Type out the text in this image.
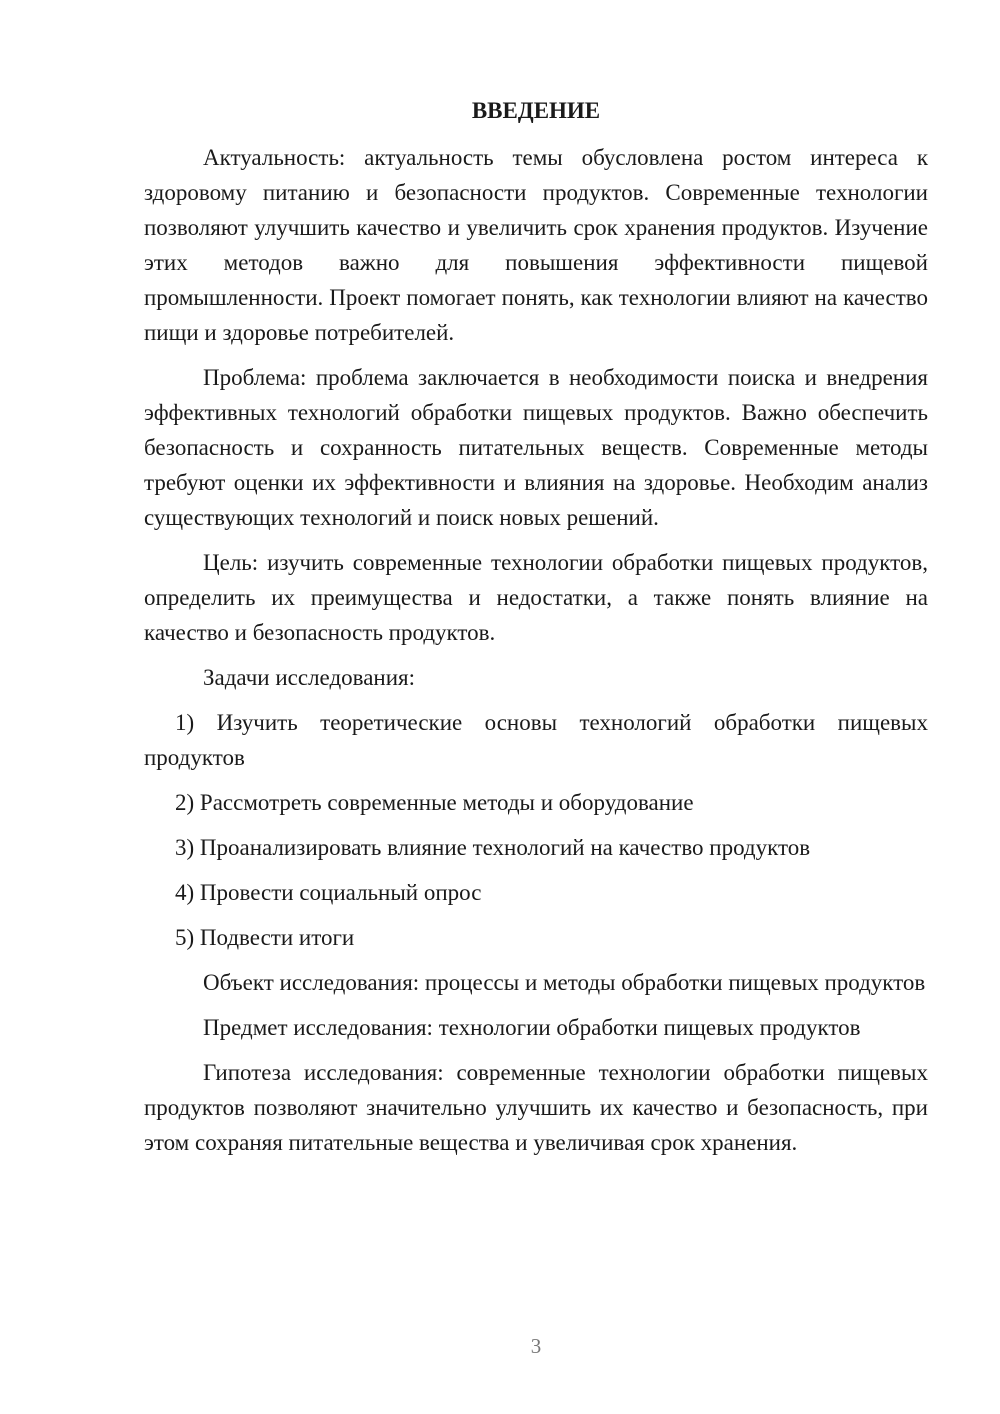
ВВЕДЕНИЕ

Актуальность: актуальность темы обусловлена ростом интереса к здоровому питанию и безопасности продуктов. Современные технологии позволяют улучшить качество и увеличить срок хранения продуктов. Изучение этих методов важно для повышения эффективности пищевой промышленности. Проект помогает понять, как технологии влияют на качество пищи и здоровье потребителей.

Проблема: проблема заключается в необходимости поиска и внедрения эффективных технологий обработки пищевых продуктов. Важно обеспечить безопасность и сохранность питательных веществ. Современные методы требуют оценки их эффективности и влияния на здоровье. Необходим анализ существующих технологий и поиск новых решений.

Цель: изучить современные технологии обработки пищевых продуктов, определить их преимущества и недостатки, а также понять влияние на качество и безопасность продуктов.

Задачи исследования:

1) Изучить теоретические основы технологий обработки пищевых продуктов

2) Рассмотреть современные методы и оборудование

3) Проанализировать влияние технологий на качество продуктов

4) Провести социальный опрос

5) Подвести итоги

Объект исследования: процессы и методы обработки пищевых продуктов

Предмет исследования: технологии обработки пищевых продуктов

Гипотеза исследования: современные технологии обработки пищевых продуктов позволяют значительно улучшить их качество и безопасность, при этом сохраняя питательные вещества и увеличивая срок хранения.

3
